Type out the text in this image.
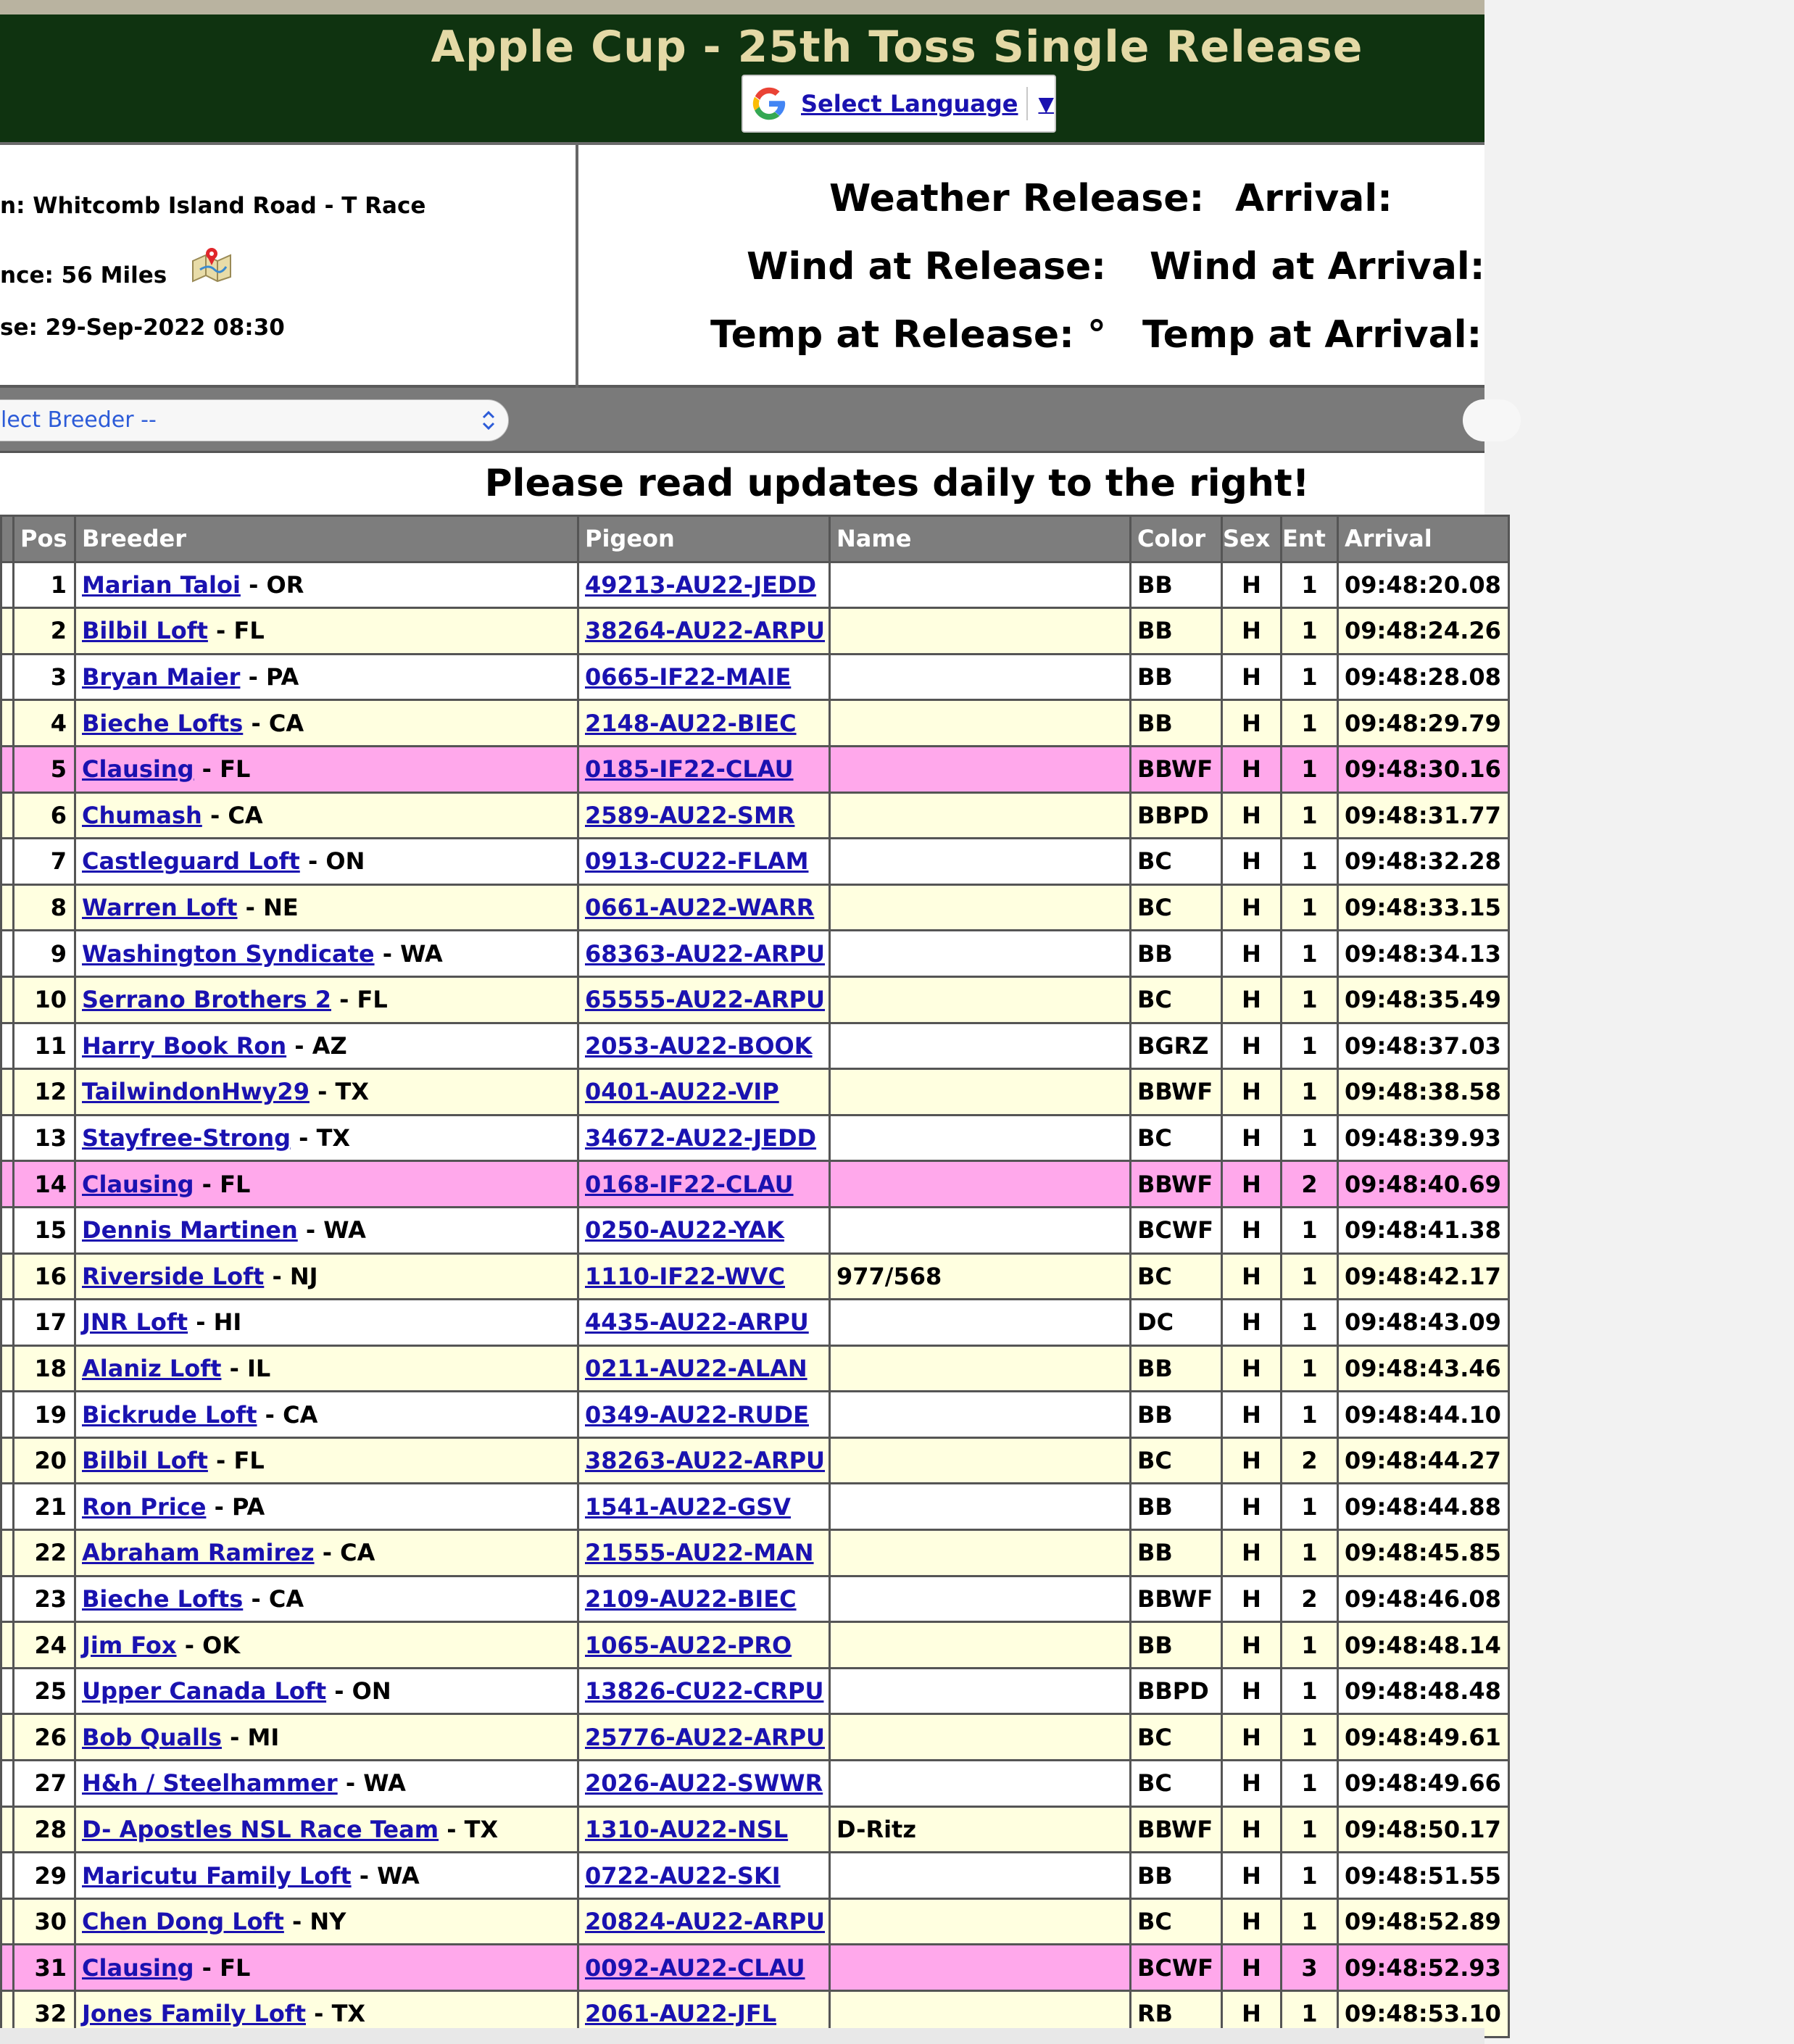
Apple Cup - 25th Toss Single Release
Select Language ▼
n: Whitcomb Island Road - T Race
nce: 56 Miles
se: 29-Sep-2022 08:30
Weather Release: Arrival:
Wind at Release: Wind at Arrival:
Temp at Release: ° Temp at Arrival:
lect Breeder --
Please read updates daily to the right!
	Pos	Breeder	Pigeon	Name	Color	Sex	Ent	Arrival
	1	Marian Taloi - OR	49213-AU22-JEDD		BB	H	1	09:48:20.08
	2	Bilbil Loft - FL	38264-AU22-ARPU		BB	H	1	09:48:24.26
	3	Bryan Maier - PA	0665-IF22-MAIE		BB	H	1	09:48:28.08
	4	Bieche Lofts - CA	2148-AU22-BIEC		BB	H	1	09:48:29.79
	5	Clausing - FL	0185-IF22-CLAU		BBWF	H	1	09:48:30.16
	6	Chumash - CA	2589-AU22-SMR		BBPD	H	1	09:48:31.77
	7	Castleguard Loft - ON	0913-CU22-FLAM		BC	H	1	09:48:32.28
	8	Warren Loft - NE	0661-AU22-WARR		BC	H	1	09:48:33.15
	9	Washington Syndicate - WA	68363-AU22-ARPU		BB	H	1	09:48:34.13
	10	Serrano Brothers 2 - FL	65555-AU22-ARPU		BC	H	1	09:48:35.49
	11	Harry Book Ron - AZ	2053-AU22-BOOK		BGRZ	H	1	09:48:37.03
	12	TailwindonHwy29 - TX	0401-AU22-VIP		BBWF	H	1	09:48:38.58
	13	Stayfree-Strong - TX	34672-AU22-JEDD		BC	H	1	09:48:39.93
	14	Clausing - FL	0168-IF22-CLAU		BBWF	H	2	09:48:40.69
	15	Dennis Martinen - WA	0250-AU22-YAK		BCWF	H	1	09:48:41.38
	16	Riverside Loft - NJ	1110-IF22-WVC	977/568	BC	H	1	09:48:42.17
	17	JNR Loft - HI	4435-AU22-ARPU		DC	H	1	09:48:43.09
	18	Alaniz Loft - IL	0211-AU22-ALAN		BB	H	1	09:48:43.46
	19	Bickrude Loft - CA	0349-AU22-RUDE		BB	H	1	09:48:44.10
	20	Bilbil Loft - FL	38263-AU22-ARPU		BC	H	2	09:48:44.27
	21	Ron Price - PA	1541-AU22-GSV		BB	H	1	09:48:44.88
	22	Abraham Ramirez - CA	21555-AU22-MAN		BB	H	1	09:48:45.85
	23	Bieche Lofts - CA	2109-AU22-BIEC		BBWF	H	2	09:48:46.08
	24	Jim Fox - OK	1065-AU22-PRO		BB	H	1	09:48:48.14
	25	Upper Canada Loft - ON	13826-CU22-CRPU		BBPD	H	1	09:48:48.48
	26	Bob Qualls - MI	25776-AU22-ARPU		BC	H	1	09:48:49.61
	27	H&h / Steelhammer - WA	2026-AU22-SWWR		BC	H	1	09:48:49.66
	28	D- Apostles NSL Race Team - TX	1310-AU22-NSL	D-Ritz	BBWF	H	1	09:48:50.17
	29	Maricutu Family Loft - WA	0722-AU22-SKI		BB	H	1	09:48:51.55
	30	Chen Dong Loft - NY	20824-AU22-ARPU		BC	H	1	09:48:52.89
	31	Clausing - FL	0092-AU22-CLAU		BCWF	H	3	09:48:52.93
	32	Jones Family Loft - TX	2061-AU22-JFL		RB	H	1	09:48:53.10
